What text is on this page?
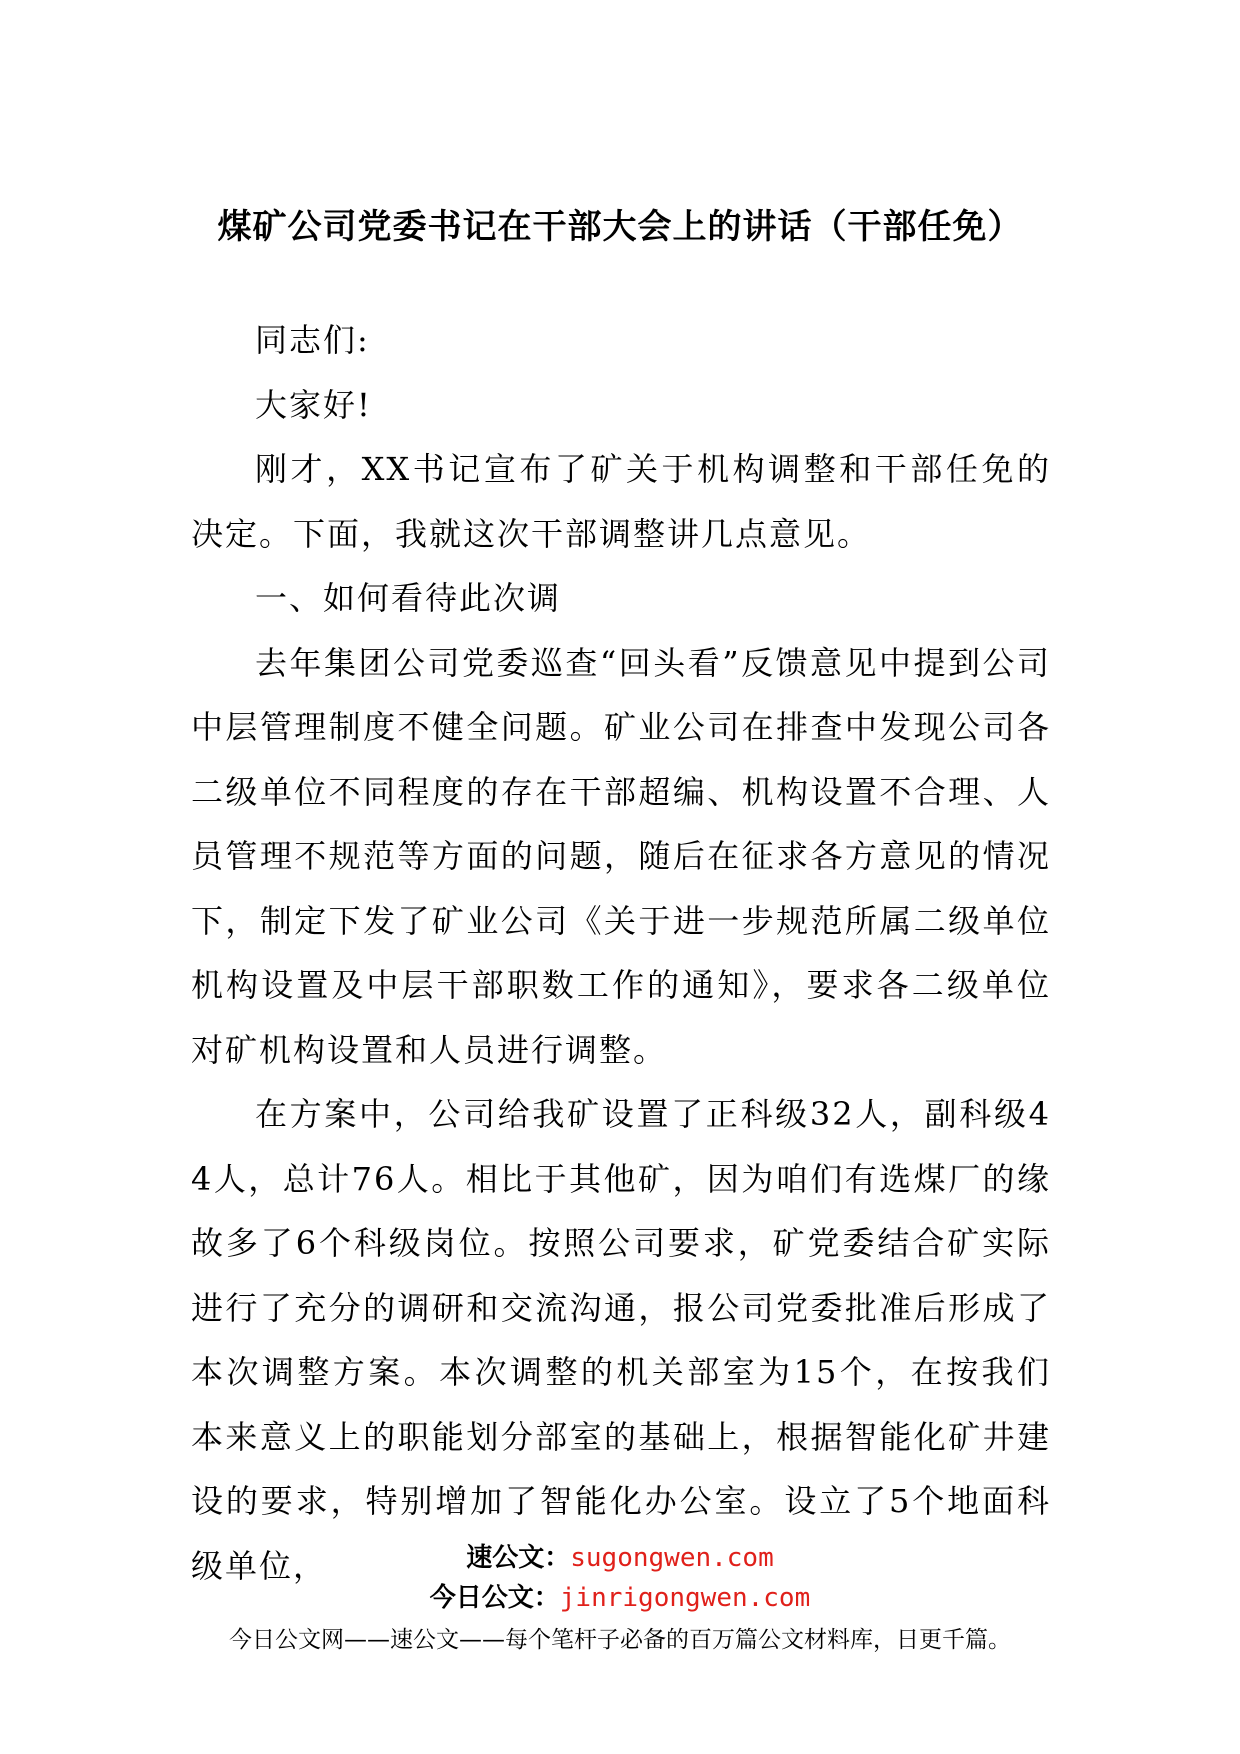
煤矿公司党委书记在干部大会上的讲话（干部任免）

同志们:

大家好!

刚才，XX书记宣布了矿关于机构调整和干部任免的决定。下面，我就这次干部调整讲几点意见。

一、如何看待此次调

去年集团公司党委巡查“回头看”反馈意见中提到公司中层管理制度不健全问题。矿业公司在排查中发现公司各二级单位不同程度的存在干部超编、机构设置不合理、人员管理不规范等方面的问题，随后在征求各方意见的情况下，制定下发了矿业公司《关于进一步规范所属二级单位机构设置及中层干部职数工作的通知》，要求各二级单位对矿机构设置和人员进行调整。

在方案中，公司给我矿设置了正科级32人，副科级44人，总计76人。相比于其他矿，因为咱们有选煤厂的缘故多了6个科级岗位。按照公司要求，矿党委结合矿实际进行了充分的调研和交流沟通，报公司党委批准后形成了本次调整方案。本次调整的机关部室为15个，在按我们本来意义上的职能划分部室的基础上，根据智能化矿井建设的要求，特别增加了智能化办公室。设立了5个地面科级单位，	速公文：sugongwen.com
今日公文：jinrigongwen.com
今日公文网——速公文——每个笔杆子必备的百万篇公文材料库，日更千篇。
